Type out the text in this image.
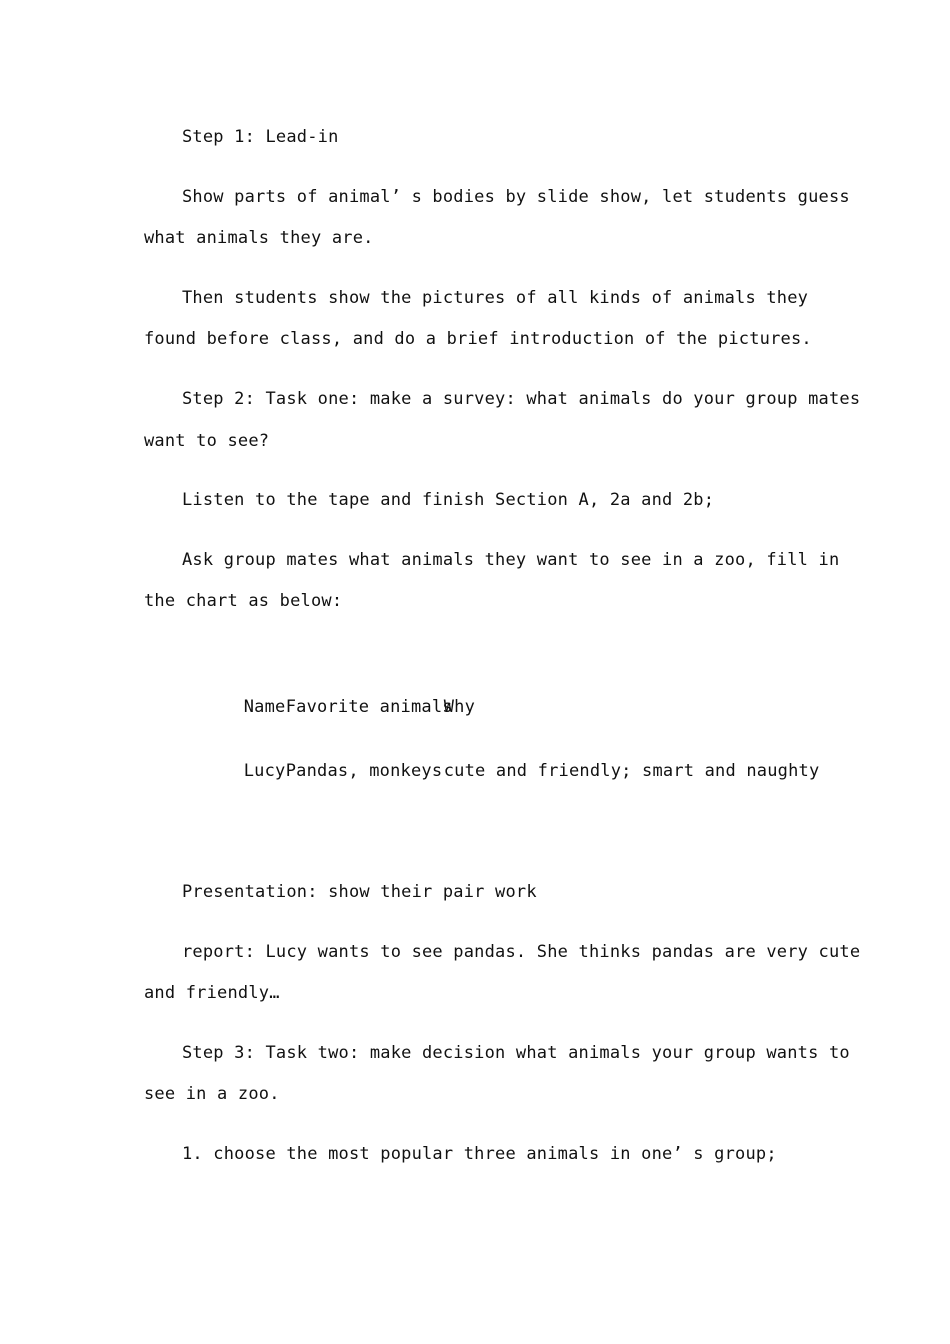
Step 1: Lead-in
Show parts of animal’ s bodies by slide show, let students guess
what animals they are.
Then students show the pictures of all kinds of animals they
found before class, and do a brief introduction of the pictures.
Step 2: Task one: make a survey: what animals do your group mates
want to see?
Listen to the tape and finish Section A, 2a and 2b;
Ask group mates what animals they want to see in a zoo, fill in
the chart as below:

NameFavorite animalsWhy

LucyPandas, monkeyscute and friendly; smart and naughty

Presentation: show their pair work
report: Lucy wants to see pandas. She thinks pandas are very cute
and friendly…
Step 3: Task two: make decision what animals your group wants to
see in a zoo.
1. choose the most popular three animals in one’ s group;
